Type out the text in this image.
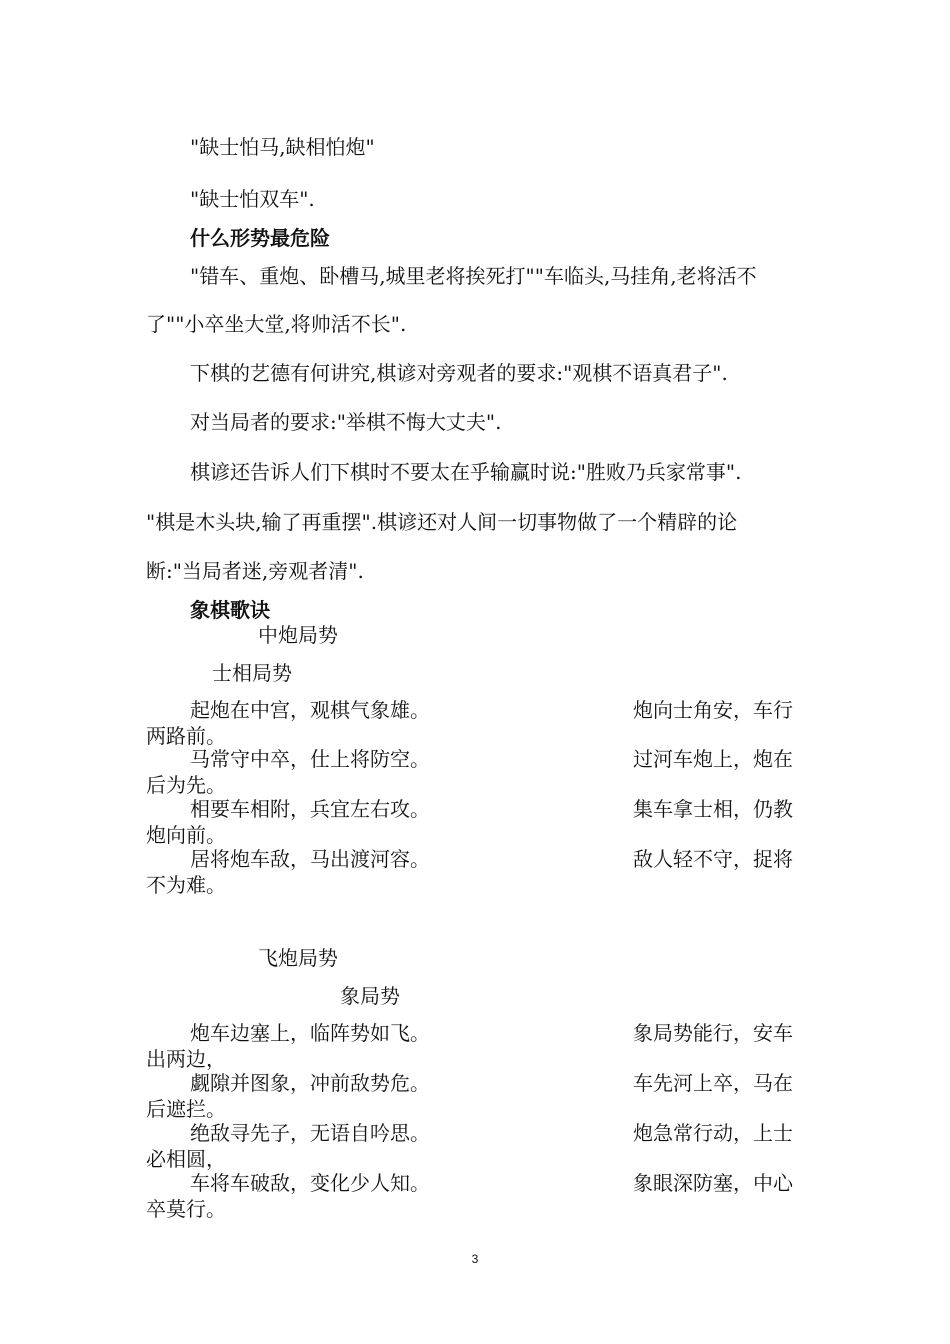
"缺士怕马,缺相怕炮"
"缺士怕双车".
什么形势最危险
"错车、重炮、卧槽马,城里老将挨死打""车临头,马挂角,老将活不
了""小卒坐大堂,将帅活不长".
下棋的艺德有何讲究,棋谚对旁观者的要求:"观棋不语真君子".
对当局者的要求:"举棋不悔大丈夫".
棋谚还告诉人们下棋时不要太在乎输赢时说:"胜败乃兵家常事".
"棋是木头块,输了再重摆".棋谚还对人间一切事物做了一个精辟的论
断:"当局者迷,旁观者清".
象棋歌诀
中炮局势
士相局势
起炮在中宫，观棋气象雄。	炮向士角安，车行
两路前。
马常守中卒，仕上将防空。	过河车炮上，炮在
后为先。
相要车相附，兵宜左右攻。	集车拿士相，仍教
炮向前。
居将炮车敌，马出渡河容。	敌人轻不守，捉将
不为难。
飞炮局势
象局势
炮车边塞上，临阵势如飞。	象局势能行，安车
出两边，
觑隙并图象，冲前敌势危。	车先河上卒，马在
后遮拦。
绝敌寻先子，无语自吟思。	炮急常行动，上士
必相圆，
车将车破敌，变化少人知。	象眼深防塞，中心
卒莫行。
3
